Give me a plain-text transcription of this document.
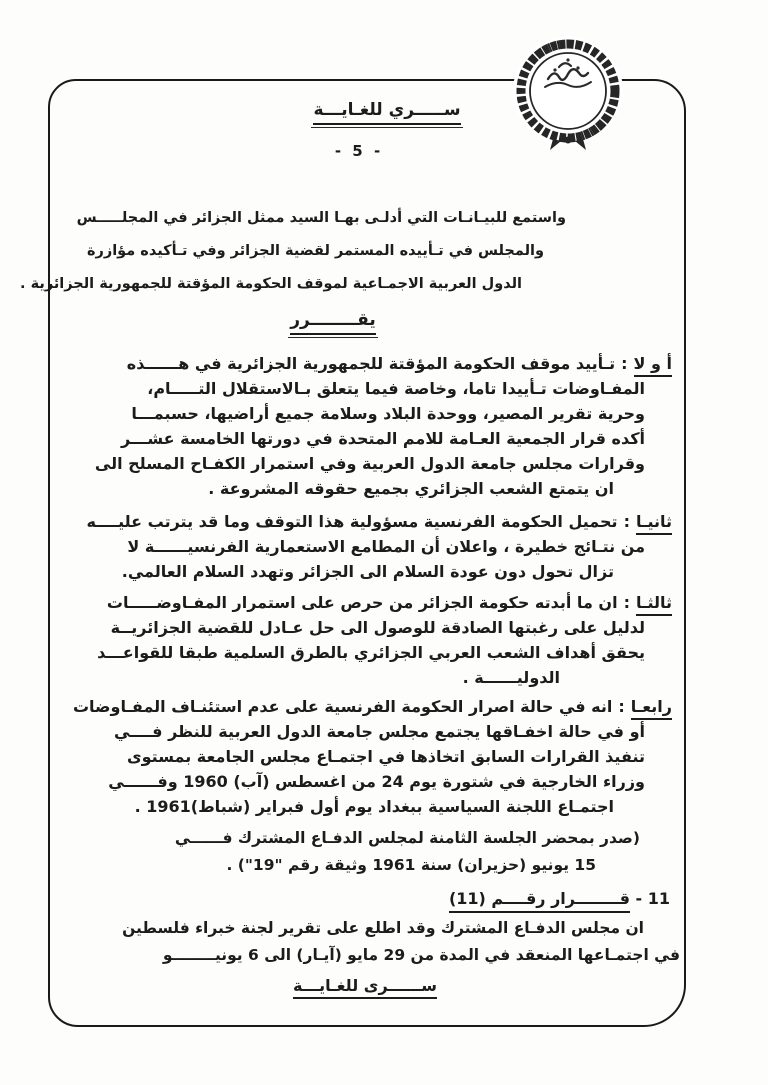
ســـــري للغـايـــة
- 5 -
واستمع للبيـانـات التي أدلـى بهـا السيد ممثل الجزائر في المجلـــــس
والمجلس في تـأييده المستمر لقضية الجزائر وفي تـأكيده مؤازرة
الدول العربية الاجمـاعية لموقف الحكومة المؤقتة للجمهورية الجزائرية .
يقــــــــرر
أ و لا:تـأييد موقف الحكومة المؤقتة للجمهورية الجزائرية في هــــــذه
المفـاوضات تـأييدا تاما، وخاصة فيما يتعلق بـالاستقلال التـــــام،
وحرية تقرير المصير، ووحدة البلاد وسلامة جميع أراضيها، حسبمـــا
أكده قرار الجمعية العـامة للامم المتحدة في دورتها الخامسة عشـــر
وقرارات مجلس جامعة الدول العربية وفي استمرار الكفـاح المسلح الى
ان يتمتع الشعب الجزائري بجميع حقوقه المشروعة .
ثانيـا:تحميل الحكومة الفرنسية مسؤولية هذا التوقف وما قد يترتب عليــــه
من نتـائج خطيرة ، واعلان أن المطامع الاستعمارية الفرنسيــــــة لا
تزال تحول دون عودة السلام الى الجزائر وتهدد السلام العالمي.
ثالثـا:ان ما أبدته حكومة الجزائر من حرص على استمرار المفـاوضـــــات
لدليل على رغبتها الصادقة للوصول الى حل عـادل للقضية الجزائريــة
يحقق أهداف الشعب العربي الجزائري بالطرق السلمية طبقا للقواعـــد
الدوليــــــة .
رابعـا:انه في حالة اصرار الحكومة الفرنسية على عدم استئنـاف المفـاوضات
أو في حالة اخفـاقها يجتمع مجلس جامعة الدول العربية للنظر فــــي
تنفيذ القرارات السابق اتخاذها في اجتمـاع مجلس الجامعة بمستوى
وزراء الخارجية في شتورة يوم 24 من اغسطس (آب) 1960 وفــــــي
اجتمـاع اللجنة السياسية ببغداد يوم أول فبراير (شباط)1961 .
(صدر بمحضر الجلسة الثامنة لمجلس الدفـاع المشترك فــــــي
15 يونيو (حزيران) سنة 1961 وثيقة رقم "19") .
11 - قــــــــرار رقــــم (11)
ان مجلس الدفـاع المشترك وقد اطلع على تقرير لجنة خبراء فلسطين
في اجتمـاعها المنعقد في المدة من 29 مايو (آيـار) الى 6 يونيــــــــو
ســــــرى للغـايـــة
